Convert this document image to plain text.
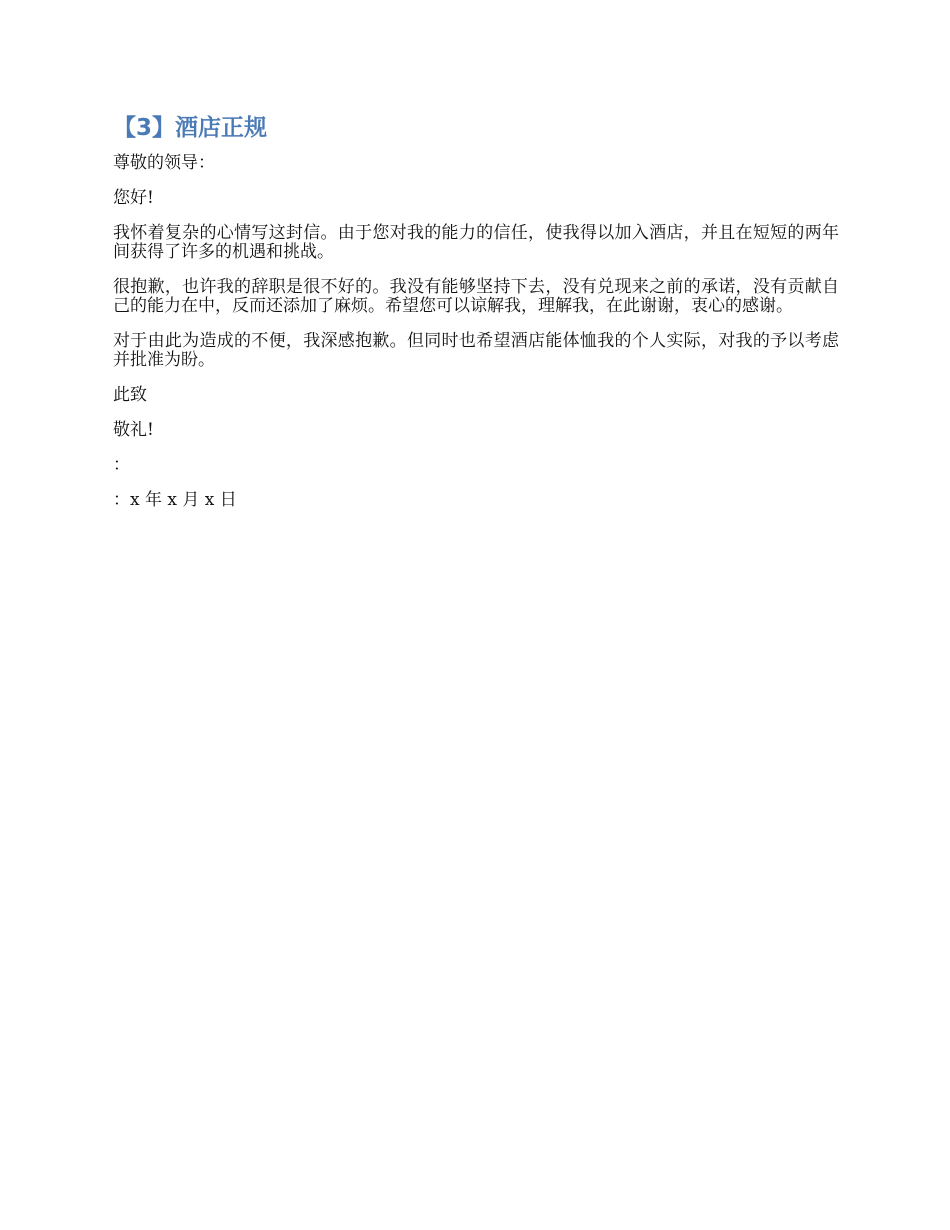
【3】酒店正规

尊敬的领导：

您好!

我怀着复杂的心情写这封信。由于您对我的能力的信任，使我得以加入酒店，并且在短短的两年间获得了许多的机遇和挑战。

很抱歉，也许我的辞职是很不好的。我没有能够坚持下去，没有兑现来之前的承诺，没有贡献自己的能力在中，反而还添加了麻烦。希望您可以谅解我，理解我，在此谢谢，衷心的感谢。

对于由此为造成的不便，我深感抱歉。但同时也希望酒店能体恤我的个人实际，对我的予以考虑并批准为盼。

此致

敬礼!

：

：x 年 x 月 x 日
